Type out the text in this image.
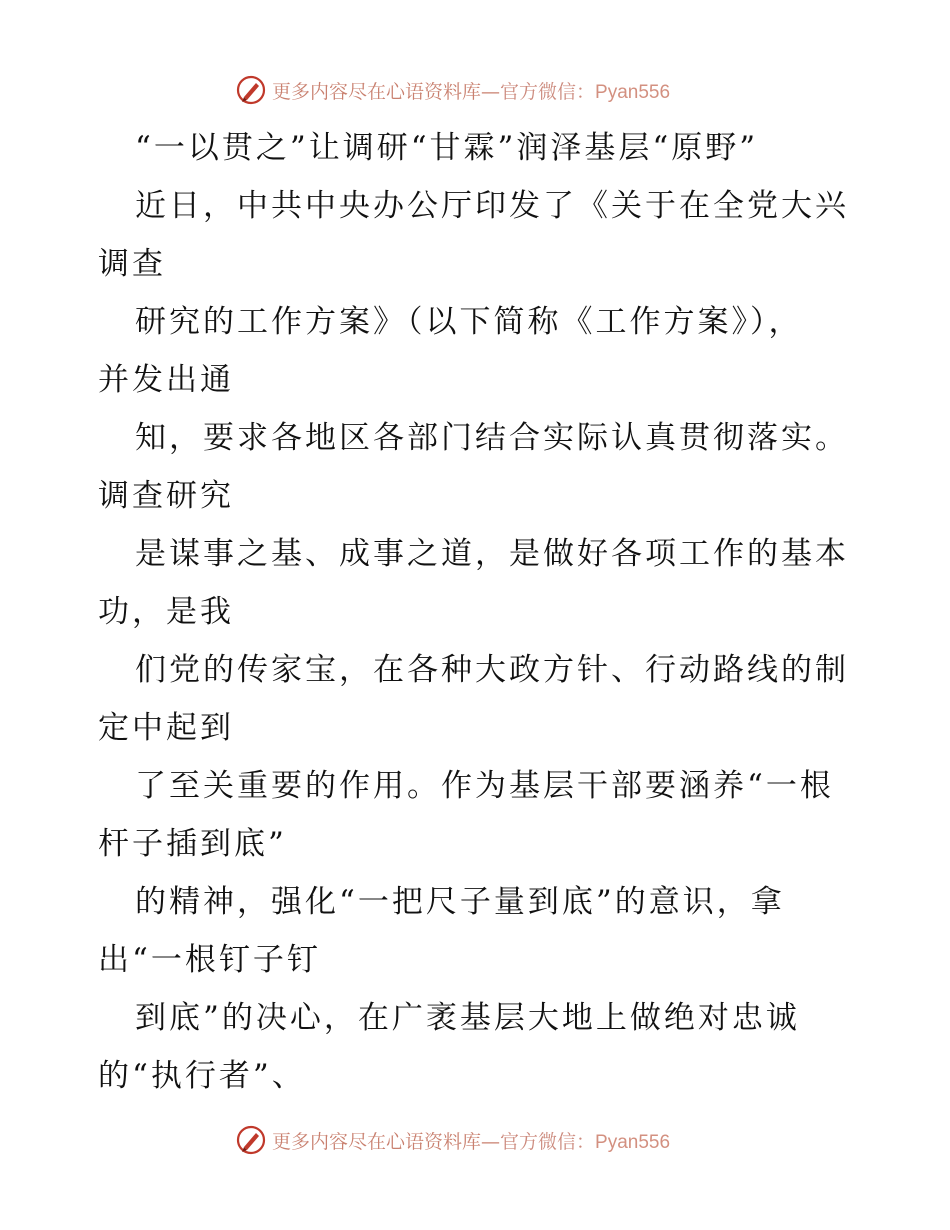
更多内容尽在心语资料库—官方微信：Pyan556
“一以贯之”让调研“甘霖”润泽基层“原野”
近日，中共中央办公厅印发了《关于在全党大兴
调查
研究的工作方案》（以下简称《工作方案》），
并发出通
知，要求各地区各部门结合实际认真贯彻落实。
调查研究
是谋事之基、成事之道，是做好各项工作的基本
功，是我
们党的传家宝，在各种大政方针、行动路线的制
定中起到
了至关重要的作用。作为基层干部要涵养“一根
杆子插到底”
的精神，强化“一把尺子量到底”的意识，拿
出“一根钉子钉
到底”的决心，在广袤基层大地上做绝对忠诚
的“执行者”、
更多内容尽在心语资料库—官方微信：Pyan556
